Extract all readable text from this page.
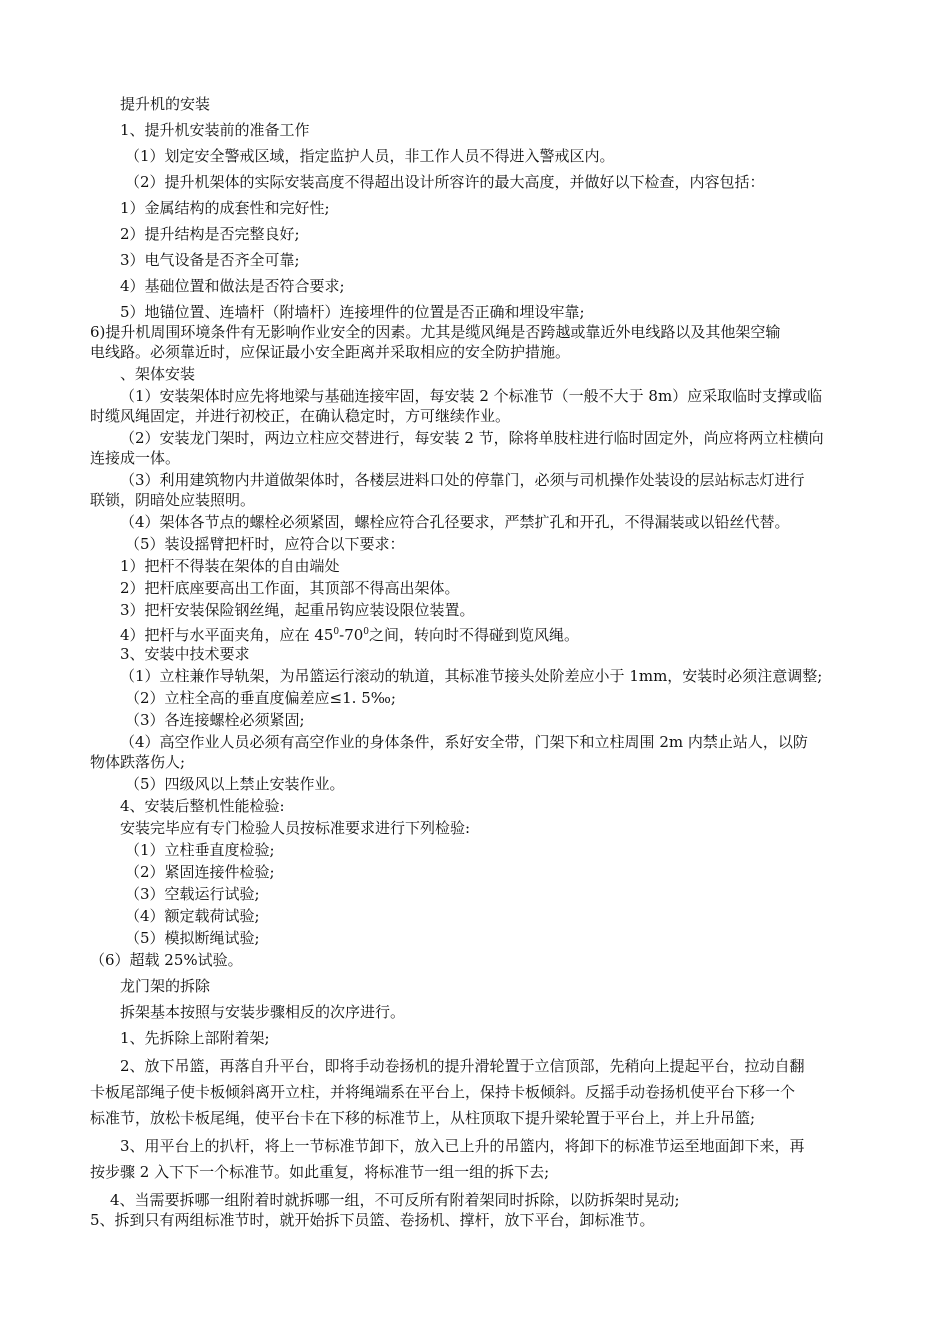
提升机的安装
1、提升机安装前的准备工作
（1）划定安全警戒区域，指定监护人员，非工作人员不得进入警戒区内。
（2）提升机架体的实际安装高度不得超出设计所容许的最大高度，并做好以下检查，内容包括：
1）金属结构的成套性和完好性;
2）提升结构是否完整良好;
3）电气设备是否齐全可靠;
4）基础位置和做法是否符合要求;
5）地锚位置、连墙杆（附墙杆）连接埋件的位置是否正确和埋设牢靠;
6)提升机周围环境条件有无影响作业安全的因素。尤其是缆风绳是否跨越或靠近外电线路以及其他架空输
电线路。必须靠近时，应保证最小安全距离并采取相应的安全防护措施。
、架体安装
（1）安装架体时应先将地梁与基础连接牢固，每安装 2 个标准节（一般不大于 8m）应采取临时支撑或临
时缆风绳固定，并进行初校正，在确认稳定时，方可继续作业。
（2）安装龙门架时，两边立柱应交替进行，每安装 2 节，除将单肢柱进行临时固定外，尚应将两立柱横向
连接成一体。
（3）利用建筑物内井道做架体时，各楼层进料口处的停靠门，必须与司机操作处装设的层站标志灯进行
联锁，阴暗处应装照明。
（4）架体各节点的螺栓必须紧固，螺栓应符合孔径要求，严禁扩孔和开孔，不得漏装或以铅丝代替。
（5）装设摇臂把杆时，应符合以下要求：
1）把杆不得装在架体的自由端处
2）把杆底座要高出工作面，其顶部不得高出架体。
3）把杆安装保险钢丝绳，起重吊钩应装设限位装置。
4）把杆与水平面夹角，应在 $45^0-70^0$之间，转向时不得碰到览风绳。
3、安装中技术要求
（1）立柱兼作导轨架，为吊篮运行滚动的轨道，其标准节接头处阶差应小于 1mm，安装时必须注意调整;
（2）立柱全高的垂直度偏差应≤1. 5‰;
（3）各连接螺栓必须紧固;
（4）高空作业人员必须有高空作业的身体条件，系好安全带，门架下和立柱周围 2m 内禁止站人，以防
物体跌落伤人;
（5）四级风以上禁止安装作业。
4、安装后整机性能检验:
安装完毕应有专门检验人员按标准要求进行下列检验:
（1）立柱垂直度检验;
（2）紧固连接件检验;
（3）空载运行试验;
（4）额定载荷试验;
（5）模拟断绳试验;
（6）超载 25%试验。
龙门架的拆除
拆架基本按照与安装步骤相反的次序进行。
1、先拆除上部附着架;
2、放下吊篮，再落自升平台，即将手动卷扬机的提升滑轮置于立信顶部，先稍向上提起平台，拉动自翻
卡板尾部绳子使卡板倾斜离开立柱，并将绳端系在平台上，保持卡板倾斜。反摇手动卷扬机使平台下移一个
标准节，放松卡板尾绳，使平台卡在下移的标准节上，从柱顶取下提升梁轮置于平台上，并上升吊篮;
3、用平台上的扒杆，将上一节标准节卸下，放入已上升的吊篮内，将卸下的标准节运至地面卸下来，再
按步骤 2 入下下一个标准节。如此重复，将标准节一组一组的拆下去;
4、当需要拆哪一组附着时就拆哪一组，不可反所有附着架同时拆除，以防拆架时晃动;
5、拆到只有两组标准节时，就开始拆下员篮、卷扬机、撑杆，放下平台，卸标准节。
